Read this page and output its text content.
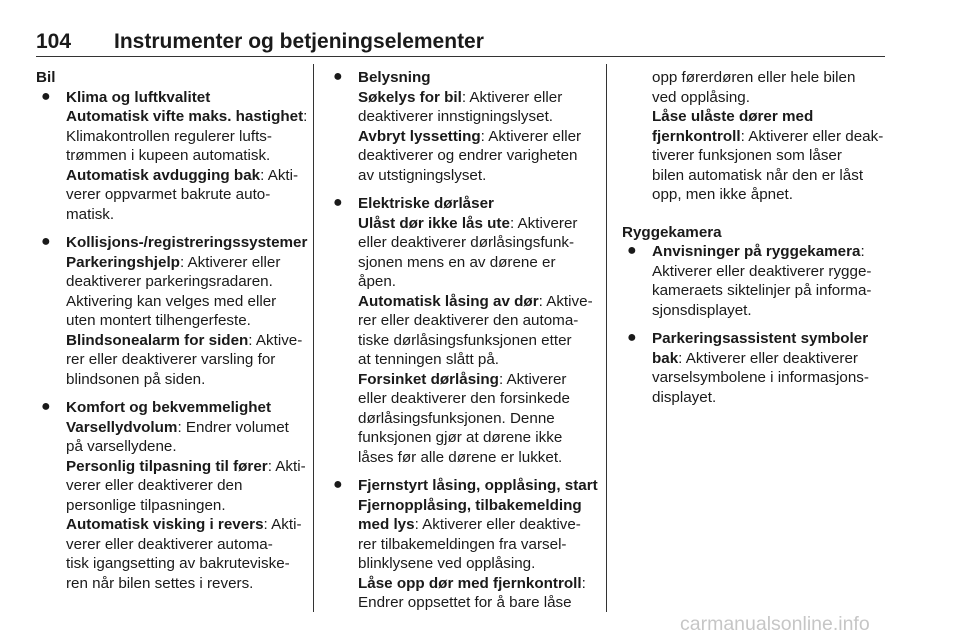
104 Instrumenter og betjeningselementer

Bil

● Klima og luftkvalitet

Automatisk vifte maks. hastighet:
Klimakontrollen regulerer lufts-
trømmen i kupeen automatisk.

Automatisk avdugging bak: Akti-
verer oppvarmet bakrute auto-
matisk.

● Kollisjons-/registreringssystemer

Parkeringshjelp: Aktiverer eller
deaktiverer parkeringsradaren.
Aktivering kan velges med eller
uten montert tilhengerfeste.

Blindsonealarm for siden: Aktive-
rer eller deaktiverer varsling for
blindsonen på siden.

● Komfort og bekvemmelighet

Varsellydvolum: Endrer volumet
på varsellydene.

Personlig tilpasning til fører: Akti-
verer eller deaktiverer den
personlige tilpasningen.

Automatisk visking i revers: Akti-
verer eller deaktiverer automa-
tisk igangsetting av bakruteviske-
ren når bilen settes i revers.

● Belysning

Søkelys for bil: Aktiverer eller
deaktiverer innstigningslyset.

Avbryt lyssetting: Aktiverer eller
deaktiverer og endrer varigheten
av utstigningslyset.

● Elektriske dørlåser

Ulåst dør ikke lås ute: Aktiverer
eller deaktiverer dørlåsingsfunk-
sjonen mens en av dørene er
åpen.

Automatisk låsing av dør: Aktive-
rer eller deaktiverer den automa-
tiske dørlåsingsfunksjonen etter
at tenningen slått på.

Forsinket dørlåsing: Aktiverer
eller deaktiverer den forsinkede
dørlåsingsfunksjonen. Denne
funksjonen gjør at dørene ikke
låses før alle dørene er lukket.

● Fjernstyrt låsing, opplåsing, start

Fjernopplåsing, tilbakemelding
med lys: Aktiverer eller deaktive-
rer tilbakemeldingen fra varsel-
blinklysene ved opplåsing.

Låse opp dør med fjernkontroll:
Endrer oppsettet for å bare låse

opp førerdøren eller hele bilen
ved opplåsing.

Låse ulåste dører med
fjernkontroll: Aktiverer eller deak-
tiverer funksjonen som låser
bilen automatisk når den er låst
opp, men ikke åpnet.

Ryggekamera

● Anvisninger på ryggekamera:
Aktiverer eller deaktiverer rygge-
kameraets siktelinjer på informa-
sjonsdisplayet.

● Parkeringsassistent symboler
bak: Aktiverer eller deaktiverer
varselsymbolene i informasjons-
displayet.

carmanualsonline.info
